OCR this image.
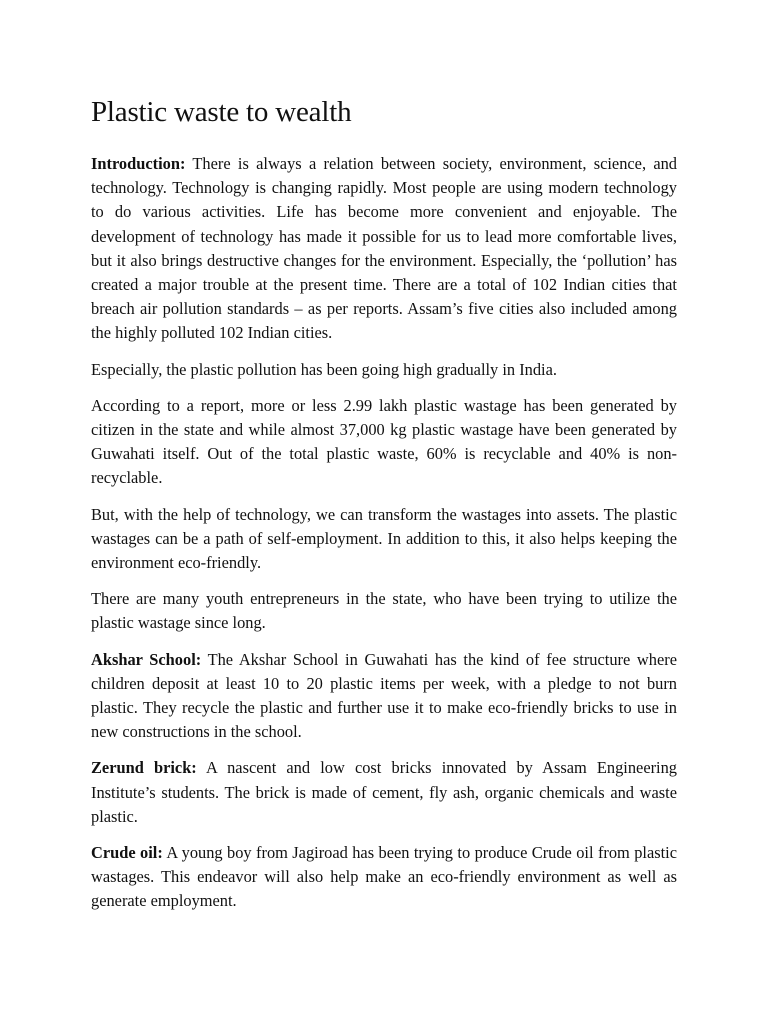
Plastic waste to wealth

Introduction: There is always a relation between society, environment, science, and technology. Technology is changing rapidly. Most people are using modern technology to do various activities. Life has become more convenient and enjoyable. The development of technology has made it possible for us to lead more comfortable lives, but it also brings destructive changes for the environment. Especially, the ‘pollution’ has created a major trouble at the present time. There are a total of 102 Indian cities that breach air pollution standards – as per reports. Assam’s five cities also included among the highly polluted 102 Indian cities.

Especially, the plastic pollution has been going high gradually in India.

According to a report, more or less 2.99 lakh plastic wastage has been generated by citizen in the state and while almost 37,000 kg plastic wastage have been generated by Guwahati itself. Out of the total plastic waste, 60% is recyclable and 40% is non-recyclable.

But, with the help of technology, we can transform the wastages into assets. The plastic wastages can be a path of self-employment. In addition to this, it also helps keeping the environment eco-friendly.

There are many youth entrepreneurs in the state, who have been trying to utilize the plastic wastage since long.

Akshar School: The Akshar School in Guwahati has the kind of fee structure where children deposit at least 10 to 20 plastic items per week, with a pledge to not burn plastic. They recycle the plastic and further use it to make eco-friendly bricks to use in new constructions in the school.

Zerund brick: A nascent and low cost bricks innovated by Assam Engineering Institute’s students. The brick is made of cement, fly ash, organic chemicals and waste plastic.

Crude oil: A young boy from Jagiroad has been trying to produce Crude oil from plastic wastages. This endeavor will also help make an eco-friendly environment as well as generate employment.
